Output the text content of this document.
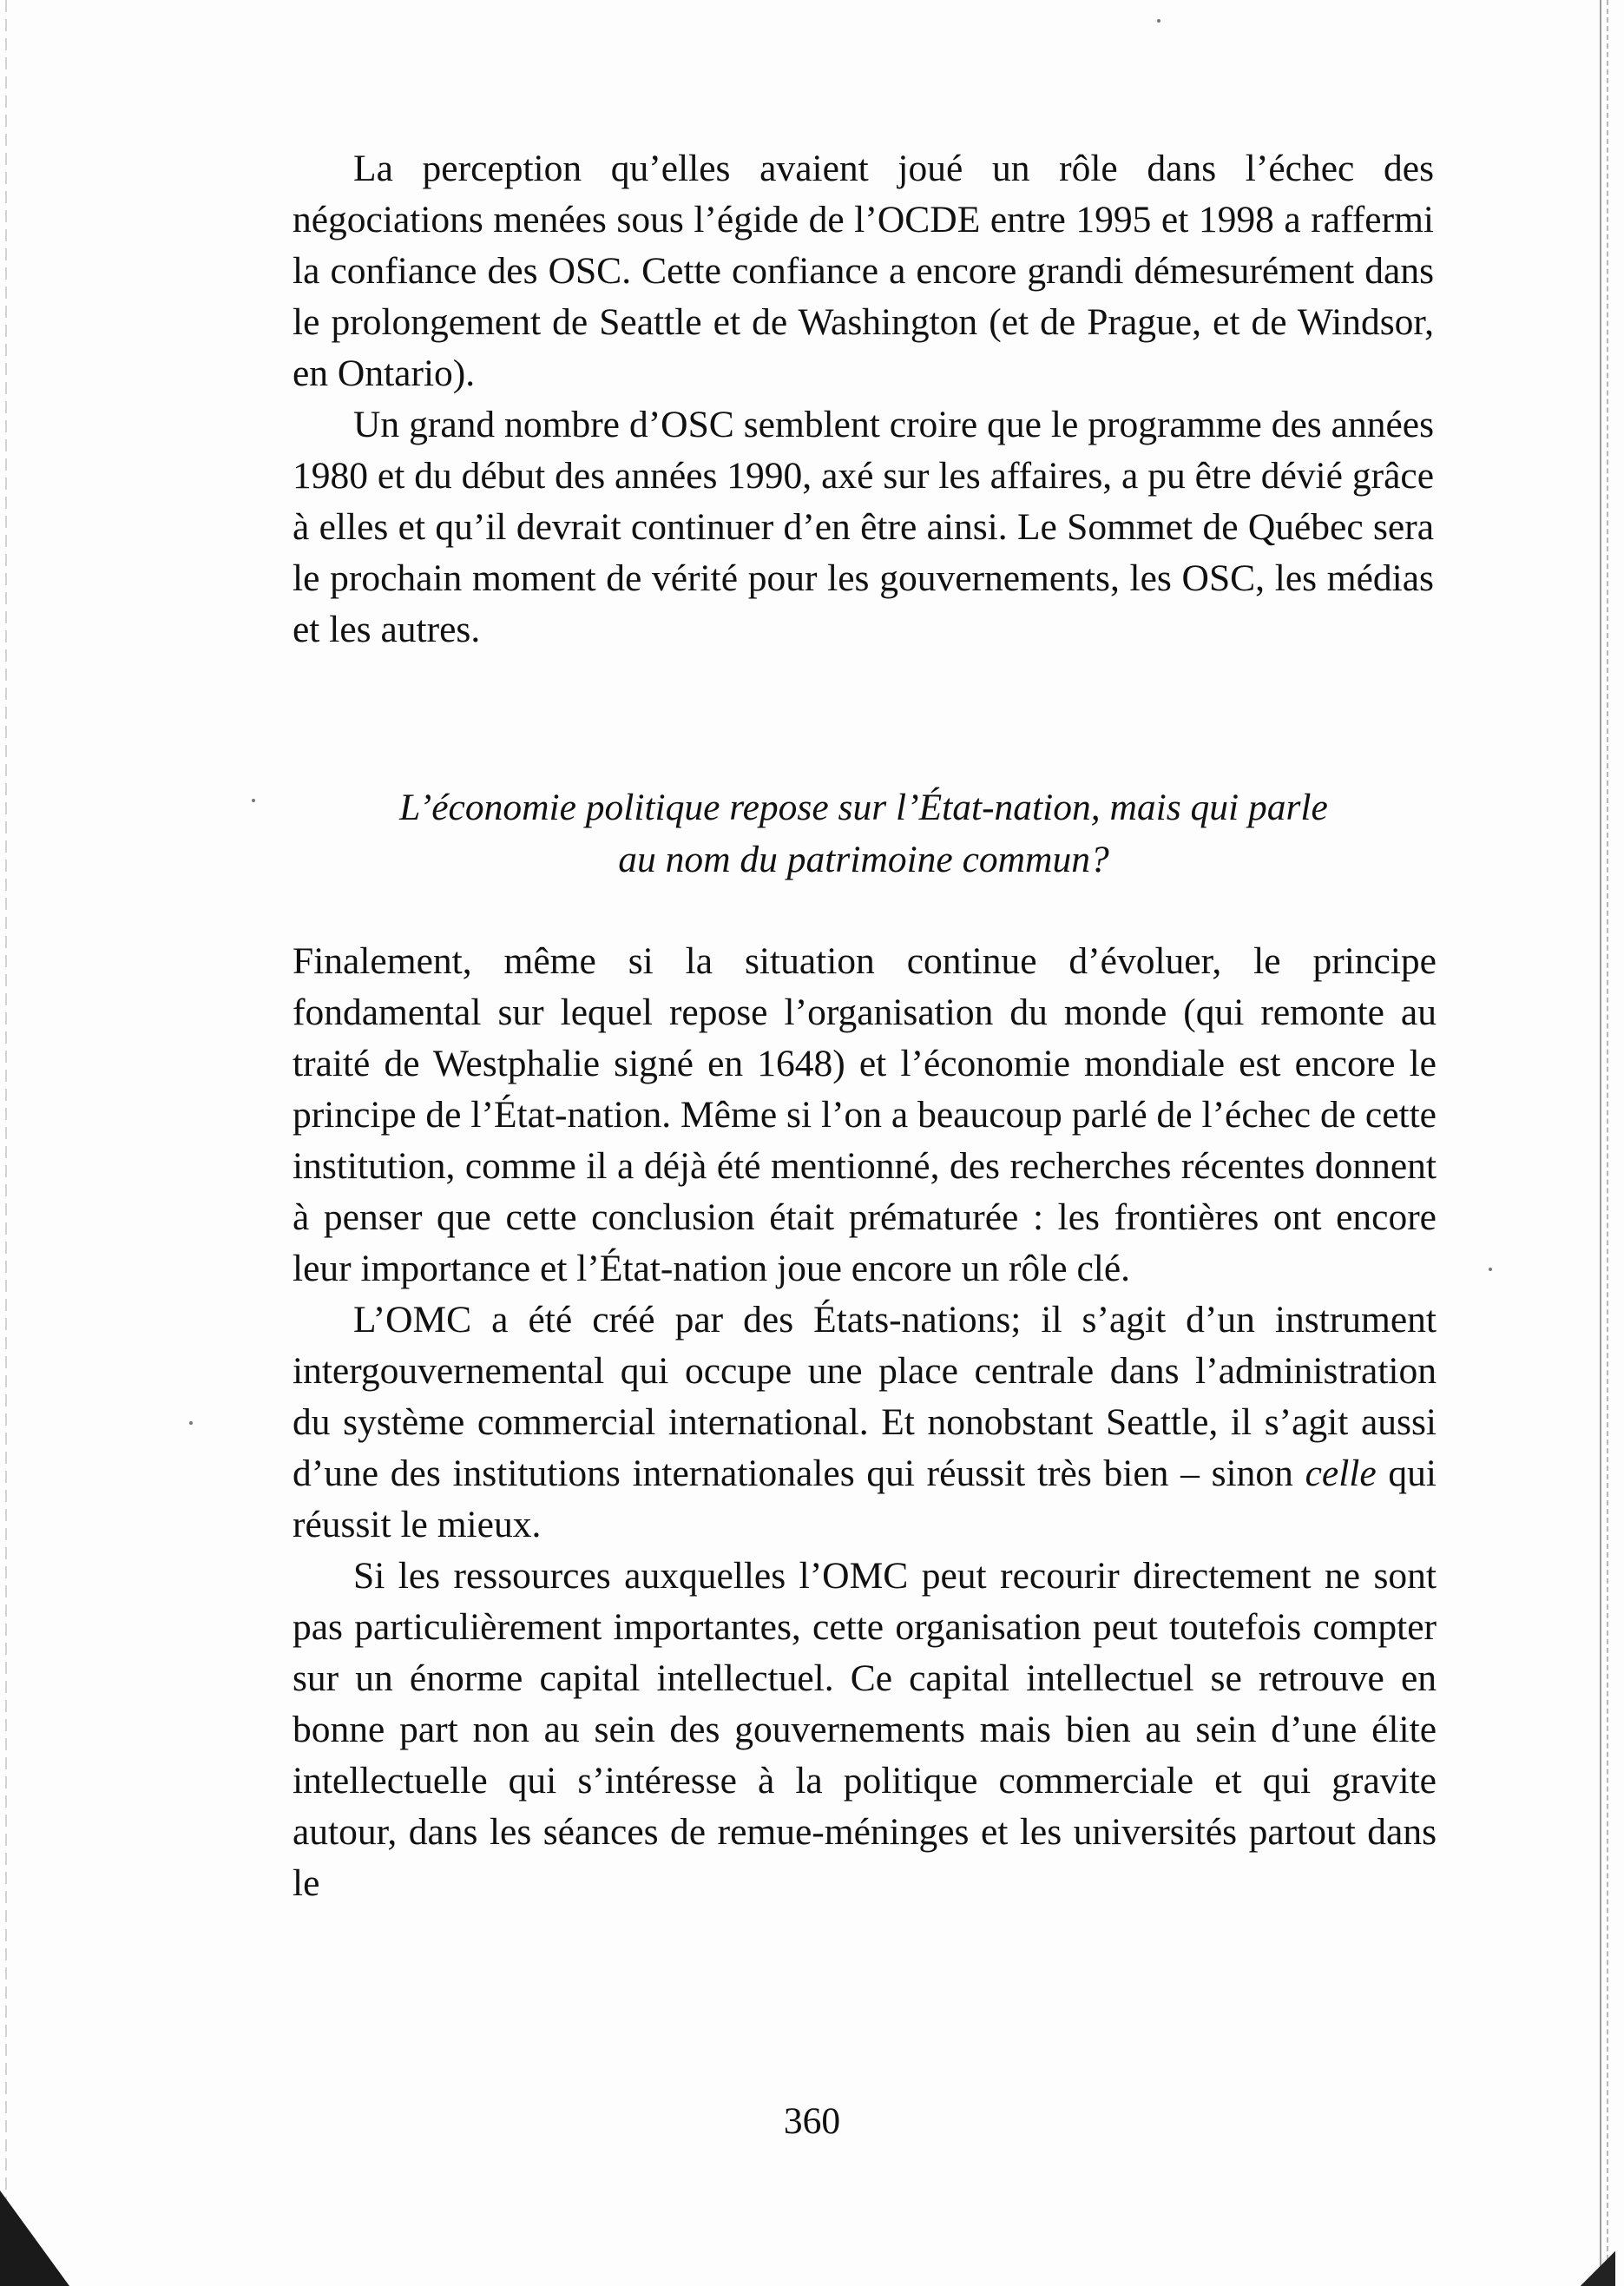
La perception qu’elles avaient joué un rôle dans l’échec des négociations menées sous l’égide de l’OCDE entre 1995 et 1998 a raffermi la confiance des OSC. Cette confiance a encore grandi démesurément dans le prolongement de Seattle et de Washington (et de Prague, et de Windsor, en Ontario).

Un grand nombre d’OSC semblent croire que le programme des années 1980 et du début des années 1990, axé sur les affaires, a pu être dévié grâce à elles et qu’il devrait continuer d’en être ainsi. Le Sommet de Québec sera le prochain moment de vérité pour les gouvernements, les OSC, les médias et les autres.

L’économie politique repose sur l’État-nation, mais qui parle
au nom du patrimoine commun?

Finalement, même si la situation continue d’évoluer, le principe fondamental sur lequel repose l’organisation du monde (qui remonte au traité de Westphalie signé en 1648) et l’économie mondiale est encore le principe de l’État-nation. Même si l’on a beaucoup parlé de l’échec de cette institution, comme il a déjà été mentionné, des recherches récentes donnent à penser que cette conclusion était prématurée : les frontières ont encore leur importance et l’État-nation joue encore un rôle clé.

L’OMC a été créé par des États-nations; il s’agit d’un instrument intergouvernemental qui occupe une place centrale dans l’administration du système commercial international. Et nonobstant Seattle, il s’agit aussi d’une des institutions internationales qui réussit très bien – sinon celle qui réussit le mieux.

Si les ressources auxquelles l’OMC peut recourir directement ne sont pas particulièrement importantes, cette organisation peut toutefois compter sur un énorme capital intellectuel. Ce capital intellectuel se retrouve en bonne part non au sein des gouvernements mais bien au sein d’une élite intellectuelle qui s’intéresse à la politique commerciale et qui gravite autour, dans les séances de remue-méninges et les universités partout dans le

360
